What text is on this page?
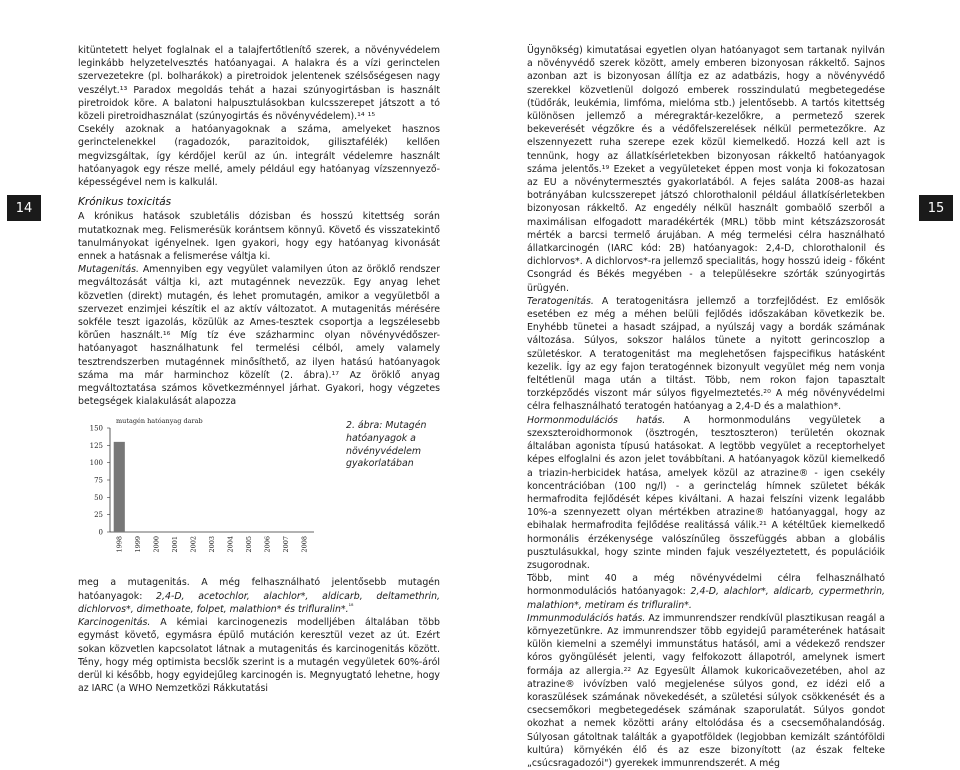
14	15

kitüntetett helyet foglalnak el a talajfertőtlenítő szerek, a növényvédelem leginkább helyzetelvesztés hatóanyagai. A halakra és a vízi gerinctelen szervezetekre (pl. bolharákok) a piretroidok jelentenek szélsőségesen nagy veszélyt.¹³ Paradox megoldás tehát a hazai szúnyogirtásban is használt piretroidok köre. A balatoni halpusztulásokban kulcsszerepet játszott a tó közeli piretroidhasználat (szúnyogirtás és növényvédelem).¹⁴ ¹⁵

Csekély azoknak a hatóanyagoknak a száma, amelyeket hasznos gerinctelenekkel (ragadozók, parazitoidok, gilisztafélék) kellően megvizsgáltak, így kérdőjel kerül az ún. integrált védelemre használt hatóanyagok egy része mellé, amely például egy hatóanyag vízszennyező-képességével nem is kalkulál.

Krónikus toxicitás

A krónikus hatások szubletális dózisban és hosszú kitettség során mutatkoznak meg. Felismerésük korántsem könnyű. Követő és visszatekintő tanulmányokat igényelnek. Igen gyakori, hogy egy hatóanyag kivonását ennek a hatásnak a felismerése váltja ki.

Mutagenitás. Amennyiben egy vegyület valamilyen úton az öröklő rendszer megváltozását váltja ki, azt mutagénnek nevezzük. Egy anyag lehet közvetlen (direkt) mutagén, és lehet promutagén, amikor a vegyületből a szervezet enzimjei készítik el az aktív változatot. A mutagenitás mérésére sokféle teszt igazolás, közülük az Ames-tesztek csoportja a legszélesebb körűen használt.¹⁶ Míg tíz éve százharminc olyan növényvédőszer-hatóanyagot használhatunk fel termelési célból, amely valamely tesztrendszerben mutagénnek minősíthető, az ilyen hatású hatóanyagok száma ma már harminchoz közelít (2. ábra).¹⁷ Az öröklő anyag megváltoztatása számos következménnyel járhat. Gyakori, hogy végzetes betegségek kialakulását alapozza

mutagén hatóanyag darab
0
25
50
75
100
125
150
1998 1999 2000 2001 2002 2003 2004 2005 2006 2007 2008
2. ábra: Mutagén hatóanyagok a növényvédelem gyakorlatában

meg a mutagenitás. A még felhasználható jelentősebb mutagén hatóanyagok: 2,4-D, acetochlor, alachlor*, aldicarb, deltamethrin, dichlorvos*, dimethoate, folpet, malathion* és trifluralin*.$^{^{18}}$

Karcinogenitás. A kémiai karcinogenezis modelljében általában több egymást követő, egymásra épülő mutáción keresztül vezet az út. Ezért sokan közvetlen kapcsolatot látnak a mutagenitás és karcinogenitás között. Tény, hogy még optimista becslők szerint is a mutagén vegyületek 60%-áról derül ki később, hogy egyidejűleg karcinogén is. Megnyugtató lehetne, hogy az IARC (a WHO Nemzetközi Rákkutatási

Ügynökség) kimutatásai egyetlen olyan hatóanyagot sem tartanak nyilván a növényvédő szerek között, amely emberen bizonyosan rákkeltő. Sajnos azonban azt is bizonyosan állítja ez az adatbázis, hogy a növényvédő szerekkel közvetlenül dolgozó emberek rosszindulatú megbetegedése (tüdőrák, leukémia, limfóma, mielóma stb.) jelentősebb. A tartós kitettség különösen jellemző a méregraktár-kezelőkre, a permetező szerek bekeverését végzőkre és a védőfelszerelések nélkül permetezőkre. Az elszennyezett ruha szerepe ezek közül kiemelkedő. Hozzá kell azt is tennünk, hogy az állatkísérletekben bizonyosan rákkeltő hatóanyagok száma jelentős.¹⁹ Ezeket a vegyületeket éppen most vonja ki fokozatosan az EU a növénytermesztés gyakorlatából. A fejes saláta 2008-as hazai botrányában kulcsszerepet játszó chlorothalonil például állatkísérletekben bizonyosan rákkeltő. Az engedély nélkül használt gombaölő szerből a maximálisan elfogadott maradékérték (MRL) több mint kétszázszorosát mérték a barcsi termelő árujában. A még termelési célra használható állatkarcinogén (IARC kód: 2B) hatóanyagok: 2,4-D, chlorothalonil és dichlorvos*. A dichlorvos*-ra jellemző specialitás, hogy hosszú ideig - főként Csongrád és Békés megyében - a településekre szórták szúnyogirtás ürügyén.

Teratogenitás. A teratogenitásra jellemző a torzfejlődést. Ez emlősök esetében ez még a méhen belüli fejlődés időszakában következik be. Enyhébb tünetei a hasadt szájpad, a nyúlszáj vagy a bordák számának változása. Súlyos, sokszor halálos tünete a nyitott gerincoszlop a születéskor. A teratogenitást ma meglehetősen fajspecifikus hatásként kezelik. Így az egy fajon teratogénnek bizonyult vegyület még nem vonja feltétlenül maga után a tiltást. Több, nem rokon fajon tapasztalt torzképződés viszont már súlyos figyelmeztetés.²⁰ A még növényvédelmi célra felhasználható teratogén hatóanyag a 2,4-D és a malathion*.

Hormonmodulációs hatás. A hormonmoduláns vegyületek a szexszteroidhormonok (ösztrogén, tesztoszteron) területén okoznak általában agonista típusú hatásokat. A legtöbb vegyület a receptorhelyet képes elfoglalni és azon jelet továbbítani. A hatóanyagok közül kiemelkedő a triazin-herbicidek hatása, amelyek közül az atrazine® - igen csekély koncentrációban (100 ng/l) - a gerinctelág hímnek születet békák hermafrodita fejlődését képes kiváltani. A hazai felszíni vizenk legalább 10%-a szennyezett olyan mértékben atrazine® hatóanyaggal, hogy az ebihalak hermafrodita fejlődése realitássá válik.²¹ A kétéltűek kiemelkedő hormonális érzékenysége valószínűleg összefüggés abban a globális pusztulásukkal, hogy szinte minden fajuk veszélyeztetett, és populációik zsugorodnak.

Több, mint 40 a még növényvédelmi célra felhasználható hormonmodulációs hatóanyagok: 2,4-D, alachlor*, aldicarb, cypermethrin, malathion*, metiram és trifluralin*.

Immunmodulációs hatás. Az immunrendszer rendkívül plasztikusan reagál a környezetünkre. Az immunrendszer több egyidejű paraméterének hatásait külön kiemelni a személyi immunstátus hatásól, ami a védekező rendszer kóros gyöngülését jelenti, vagy felfokozott állapotról, amelynek ismert formája az allergia.²² Az Egyesült Államok kukoricaövezetében, ahol az atrazine® ivóvízben való megjelenése súlyos gond, ez idézi elő a koraszülések számának növekedését, a születési súlyok csökkenését és a csecsemőkori megbetegedések számának szaporulatát. Súlyos gondot okozhat a nemek közötti arány eltolódása és a csecsemőhalandóság. Súlyosan gátoltnak találták a gyapotföldek (legjobban kemizált szántóföldi kultúra) környékén élő és az esze bizonyított (az észak felteke „csúcsragadozói") gyerekek immunrendszerét. A még
